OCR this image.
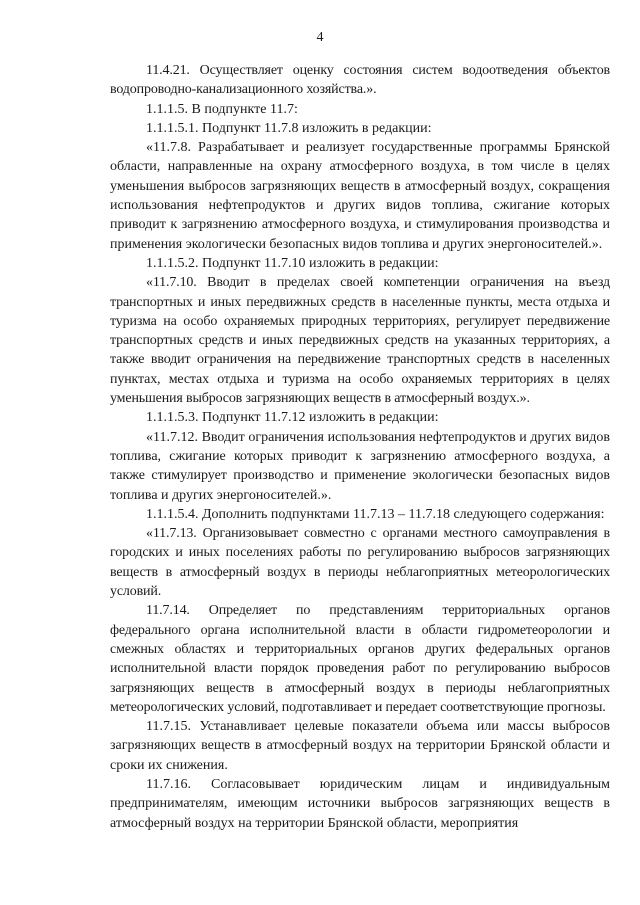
4

11.4.21. Осуществляет оценку состояния систем водоотведения объектов водопроводно-канализационного хозяйства.».

1.1.1.5. В подпункте 11.7:

1.1.1.5.1. Подпункт 11.7.8 изложить в редакции:

«11.7.8. Разрабатывает и реализует государственные программы Брянской области, направленные на охрану атмосферного воздуха, в том числе в целях уменьшения выбросов загрязняющих веществ в атмосферный воздух, сокращения использования нефтепродуктов и других видов топлива, сжигание которых приводит к загрязнению атмосферного воздуха, и стимулирования производства и применения экологически безопасных видов топлива и других энергоносителей.».

1.1.1.5.2. Подпункт 11.7.10 изложить в редакции:

«11.7.10. Вводит в пределах своей компетенции ограничения на въезд транспортных и иных передвижных средств в населенные пункты, места отдыха и туризма на особо охраняемых природных территориях, регулирует передвижение транспортных средств и иных передвижных средств на указанных территориях, а также вводит ограничения на передвижение транспортных средств в населенных пунктах, местах отдыха и туризма на особо охраняемых территориях в целях уменьшения выбросов загрязняющих веществ в атмосферный воздух.».

1.1.1.5.3. Подпункт 11.7.12 изложить в редакции:

«11.7.12. Вводит ограничения использования нефтепродуктов и других видов топлива, сжигание которых приводит к загрязнению атмосферного воздуха, а также стимулирует производство и применение экологически безопасных видов топлива и других энергоносителей.».

1.1.1.5.4. Дополнить подпунктами 11.7.13 – 11.7.18 следующего содержания:

«11.7.13. Организовывает совместно с органами местного самоуправления в городских и иных поселениях работы по регулированию выбросов загрязняющих веществ в атмосферный воздух в периоды неблагоприятных метеорологических условий.

11.7.14. Определяет по представлениям территориальных органов федерального органа исполнительной власти в области гидрометеорологии и смежных областях и территориальных органов других федеральных органов исполнительной власти порядок проведения работ по регулированию выбросов загрязняющих веществ в атмосферный воздух в периоды неблагоприятных метеорологических условий, подготавливает и передает соответствующие прогнозы.

11.7.15. Устанавливает целевые показатели объема или массы выбросов загрязняющих веществ в атмосферный воздух на территории Брянской области и сроки их снижения.

11.7.16. Согласовывает юридическим лицам и индивидуальным предпринимателям, имеющим источники выбросов загрязняющих веществ в атмосферный воздух на территории Брянской области, мероприятия
